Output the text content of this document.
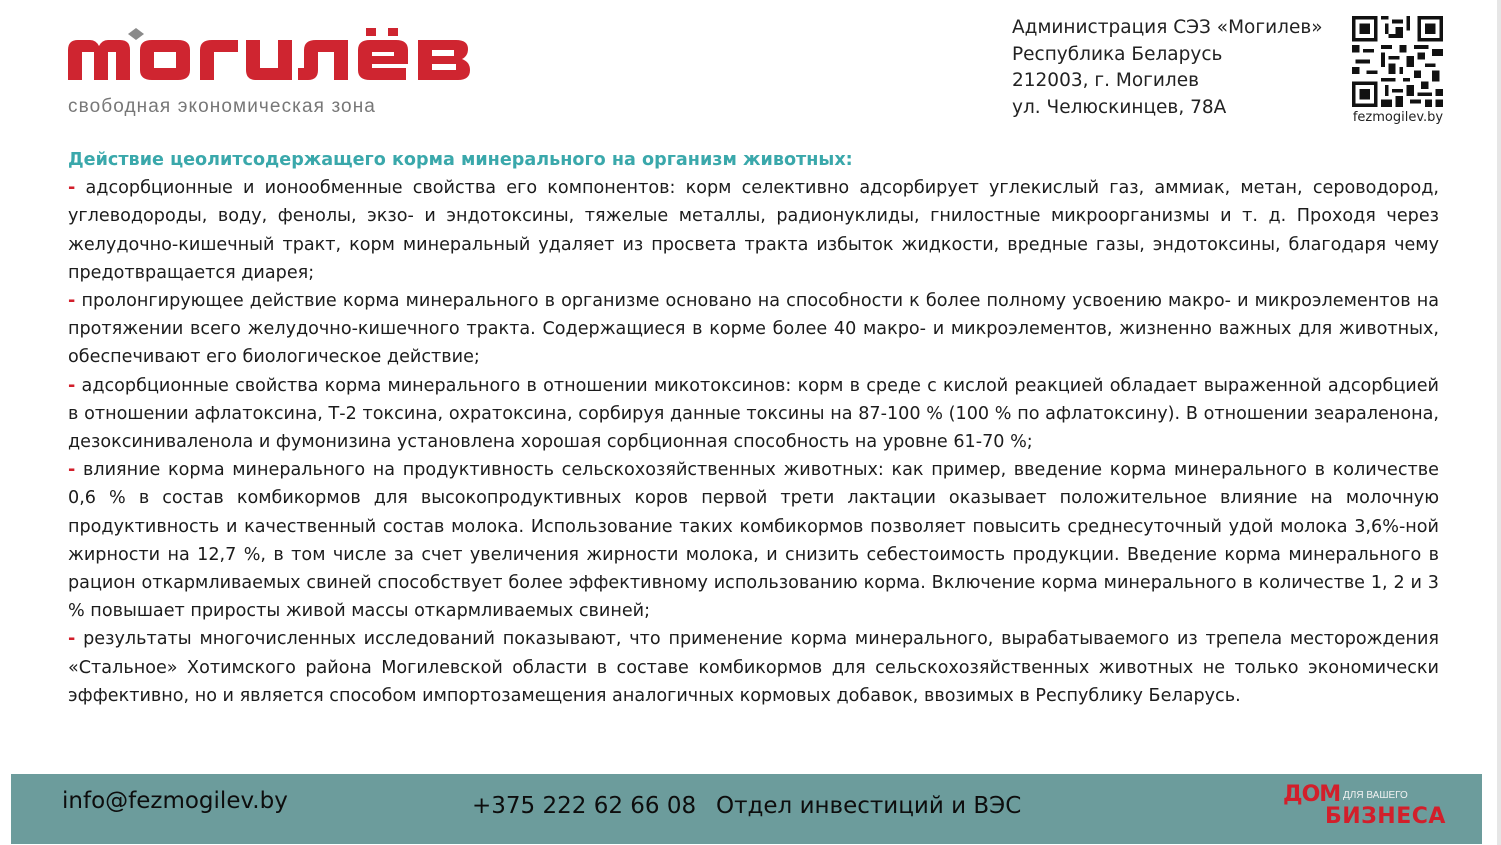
свободная экономическая зона
Администрация СЭЗ «Могилев»
Республика Беларусь
212003, г. Могилев
ул. Челюскинцев, 78А	fezmogilev.by
Действие цеолитсодержащего корма минерального на организм животных:

- адсорбционные и ионообменные свойства его компонентов: корм селективно адсорбирует углекислый газ, аммиак, метан, сероводород, углеводороды, воду, фенолы, экзо- и эндотоксины, тяжелые металлы, радионуклиды, гнилостные микроорганизмы и т. д. Проходя через желудочно-кишечный тракт, корм минеральный удаляет из просвета тракта избыток жидкости, вредные газы, эндотоксины, благодаря чему предотвращается диарея;

- пролонгирующее действие корма минерального в организме основано на способности к более полному усвоению макро- и микроэлементов на протяжении всего желудочно-кишечного тракта. Содержащиеся в корме более 40 макро- и микроэлементов, жизненно важных для животных, обеспечивают его биологическое действие;

- адсорбционные свойства корма минерального в отношении микотоксинов: корм в среде с кислой реакцией обладает выраженной адсорбцией в отношении афлатоксина, Т-2 токсина, охратоксина, сорбируя данные токсины на 87-100 % (100 % по афлатоксину). В отношении зеараленона, дезоксиниваленола и фумонизина установлена хорошая сорбционная способность на уровне 61-70 %;

- влияние корма минерального на продуктивность сельскохозяйственных животных: как пример, введение корма минерального в количестве 0,6 % в состав комбикормов для высокопродуктивных коров первой трети лактации оказывает положительное влияние на молочную продуктивность и качественный состав молока. Использование таких комбикормов позволяет повысить среднесуточный удой молока 3,6%-ной жирности на 12,7 %, в том числе за счет увеличения жирности молока, и снизить себестоимость продукции. Введение корма минерального в рацион откармливаемых свиней способствует более эффективному использованию корма. Включение корма минерального в количестве 1, 2 и 3 % повышает приросты живой массы откармливаемых свиней;

- результаты многочисленных исследований показывают, что применение корма минерального, вырабатываемого из трепела месторождения «Стальное» Хотимского района Могилевской области в составе комбикормов для сельскохозяйственных животных не только экономически эффективно, но и является способом импортозамещения аналогичных кормовых добавок, ввозимых в Республику Беларусь.

info@fezmogilev.by	+375 222 62 66 08 Отдел инвестиций и ВЭС	ДОМ ДЛЯ ВАШЕГО
БИЗНЕСА
